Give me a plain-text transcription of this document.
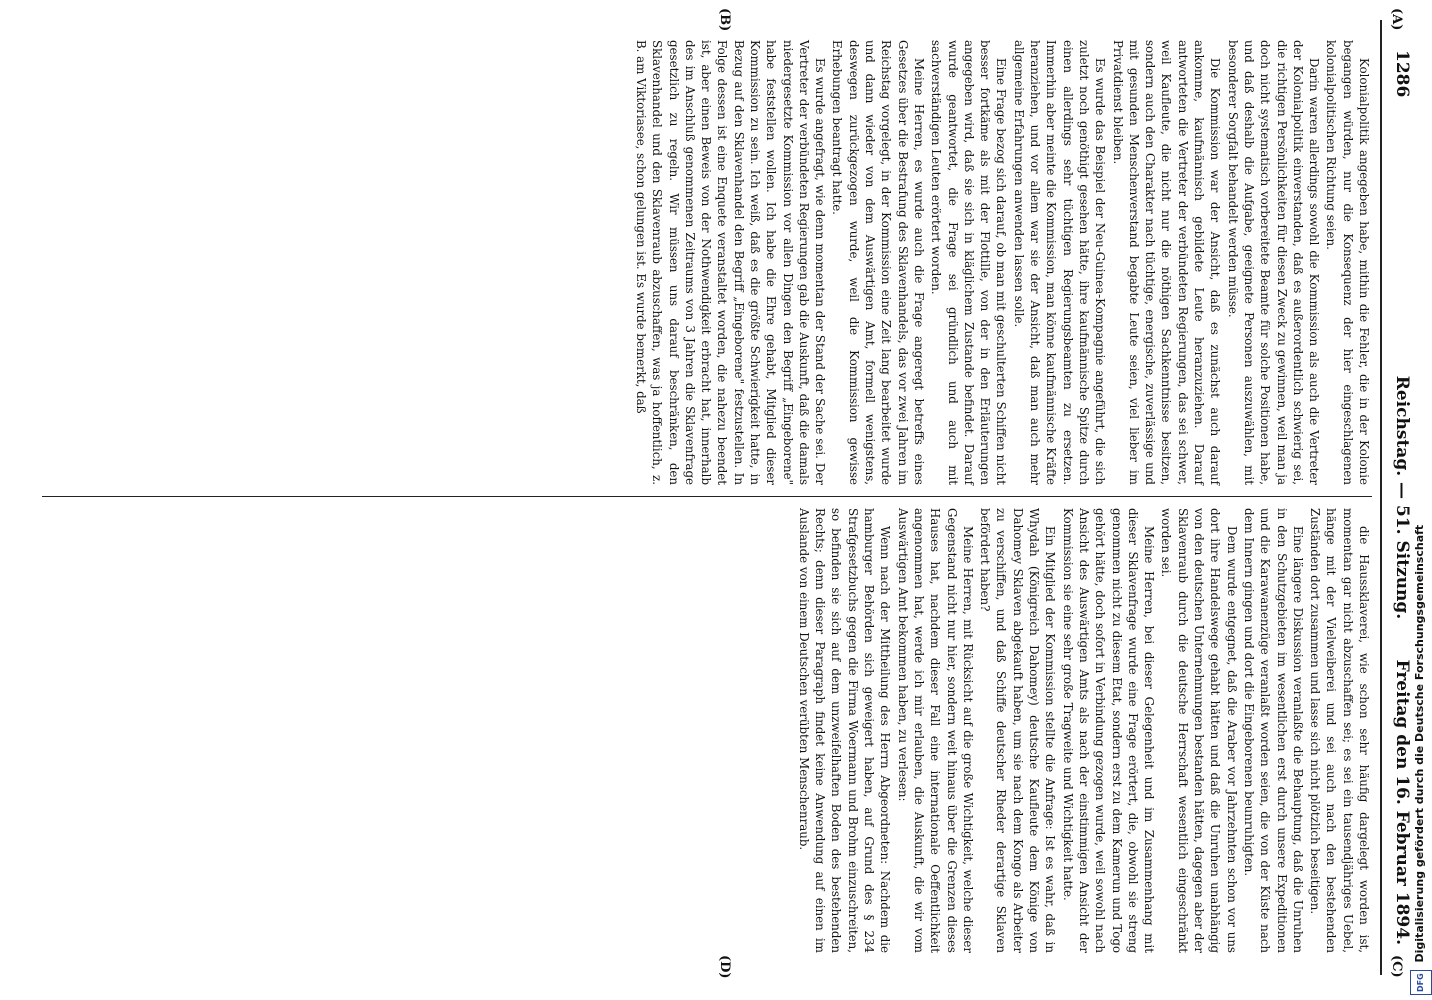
1286
Reichstag. — 51. Sitzung.
Freitag den 16. Februar 1894.
(A)
(B)
(C)
(D)

Kolonialpolitik angegeben habe, mithin die Fehler, die in der Kolonie begangen würden, nur die Konsequenz der hier eingeschlagenen kolonialpolitischen Richtung seien.

Darin waren allerdings sowohl die Kommission als auch die Vertreter der Kolonialpolitik einverstanden, daß es außerordentlich schwierig sei, die richtigen Persönlichkeiten für diesen Zweck zu gewinnen, weil man ja doch nicht systematisch vorbereitete Beamte für solche Positionen habe, und daß deshalb die Aufgabe, geeignete Personen auszuwählen, mit besonderer Sorgfalt behandelt werden müsse.

Die Kommission war der Ansicht, daß es zunächst auch darauf ankomme, kaufmännisch gebildete Leute heranzuziehen. Darauf antworteten die Vertreter der verbündeten Regierungen, das sei schwer, weil Kaufleute, die nicht nur die nöthigen Sachkenntnisse besitzen, sondern auch den Charakter nach tüchtige, energische, zuverlässige und mit gesunden Menschenverstand begabte Leute seien, viel lieber im Privatdienst bleiben.

Es wurde das Beispiel der Neu-Guinea-Kompagnie angeführt, die sich zuletzt noch genöthigt gesehen hätte, ihre kaufmännische Spitze durch einen allerdings sehr tüchtigen Regierungsbeamten zu ersetzen. Immerhin aber meinte die Kommission, man könne kaufmännische Kräfte heranziehen, und vor allem war sie der Ansicht, daß man auch mehr allgemeine Erfahrungen anwenden lassen solle.

Eine Frage bezog sich darauf, ob man mit geschulterten Schiffen nicht besser fortkäme als mit der Flottille, von der in den Erläuterungen angegeben wird, daß sie sich in kläglichem Zustande befindet. Darauf wurde geantwortet, die Frage sei gründlich und auch mit sachverständigen Leuten erörtert worden.

Meine Herren, es wurde auch die Frage angeregt betreffs eines Gesetzes über die Bestrafung des Sklavenhandels, das vor zwei Jahren im Reichstag vorgelegt, in der Kommission eine Zeit lang bearbeitet wurde und dann wieder von dem Auswärtigen Amt, formell wenigstens, deswegen zurückgezogen wurde, weil die Kommission gewisse Erhebungen beantragt hatte.

Es wurde angefragt, wie denn momentan der Stand der Sache sei. Der Vertreter der verbündeten Regierungen gab die Auskunft, daß die damals niedergesetzte Kommission vor allen Dingen den Begriff „Eingeborene" habe feststellen wollen. Ich habe die Ehre gehabt, Mitglied dieser Kommission zu sein. Ich weiß, daß es die größte Schwierigkeit hatte, in Bezug auf den Sklavenhandel den Begriff „Eingeborene" festzustellen. In Folge dessen ist eine Enquete veranstaltet worden, die nahezu beendet ist, aber einen Beweis von der Nothwendigkeit erbracht hat, innerhalb des im Anschluß genommenen Zeitraums von 3 Jahren die Sklavenfrage gesetzlich zu regeln. Wir müssen uns darauf beschränken, den Sklavenhandel und den Sklavenraub abzuschaffen, was ja hoffentlich, z. B. am Viktoriasee, schon gelungen ist. Es wurde bemerkt, daß

die Haussklaverei, wie schon sehr häufig dargelegt worden ist, momentan gar nicht abzuschaffen sei; es sei ein tausendjähriges Uebel, hänge mit der Vielweiberei und sei auch nach den bestehenden Zuständen dort zusammen und lasse sich nicht plötzlich beseitigen.

Eine längere Diskussion veranlaßte die Behauptung, daß die Unruhen in den Schutzgebieten im wesentlichen erst durch unsere Expeditionen und die Karawanenzüge veranlaßt worden seien, die von der Küste nach dem Innern gingen und dort die Eingeborenen beunruhigten.

Dem wurde entgegnet, daß die Araber vor Jahrzehnten schon vor uns dort ihre Handelswege gehabt hätten und daß die Unruhen unabhängig von den deutschen Unternehmungen bestanden hätten, dagegen aber der Sklavenraub durch die deutsche Herrschaft wesentlich eingeschränkt worden sei.

Meine Herren, bei dieser Gelegenheit und im Zusammenhang mit dieser Sklavenfrage wurde eine Frage erörtert, die, obwohl sie streng genommen nicht zu diesem Etat, sondern erst zu dem Kamerun und Togo gehört hätte, doch sofort in Verbindung gezogen wurde, weil sowohl nach Ansicht des Auswärtigen Amts als nach der einstimmigen Ansicht der Kommission sie eine sehr große Tragweite und Wichtigkeit hatte.

Ein Mitglied der Kommission stellte die Anfrage: Ist es wahr, daß in Whydah (Königreich Dahomey) deutsche Kaufleute dem Könige von Dahomey Sklaven abgekauft haben, um sie nach dem Kongo als Arbeiter zu verschiffen, und daß Schiffe deutscher Rheder derartige Sklaven befördert haben?

Meine Herren, mit Rücksicht auf die große Wichtigkeit, welche dieser Gegenstand nicht nur hier, sondern weit hinaus über die Grenzen dieses Hauses hat, nachdem dieser Fall eine internationale Oeffentlichkeit angenommen hat, werde ich mir erlauben, die Auskunft, die wir vom Auswärtigen Amt bekommen haben, zu verlesen:

Wenn nach der Mittheilung des Herrn Abgeordneten: Nachdem die hamburger Behörden sich geweigert haben, auf Grund des § 234 Strafgesetzbuchs gegen die Firma Woermann und Brohm einzuschreiten, so befinden sie sich auf dem unzweifelhaften Boden des bestehenden Rechts; denn dieser Paragraph findet keine Anwendung auf einen im Auslande von einem Deutschen verübten Menschenraub.

DFG Digitalisierung gefördert durch die Deutsche Forschungsgemeinschaft
